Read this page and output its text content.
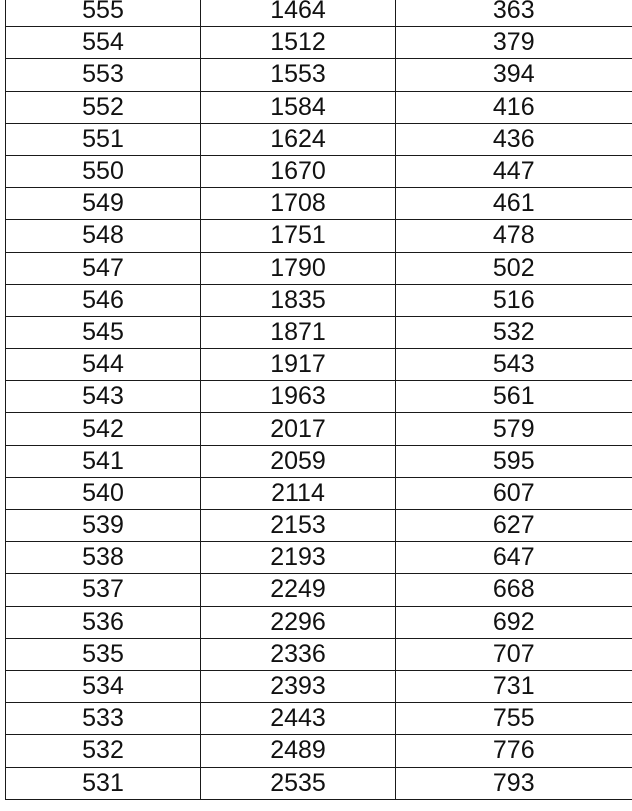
555	1464	363
554	1512	379
553	1553	394
552	1584	416
551	1624	436
550	1670	447
549	1708	461
548	1751	478
547	1790	502
546	1835	516
545	1871	532
544	1917	543
543	1963	561
542	2017	579
541	2059	595
540	2114	607
539	2153	627
538	2193	647
537	2249	668
536	2296	692
535	2336	707
534	2393	731
533	2443	755
532	2489	776
531	2535	793
